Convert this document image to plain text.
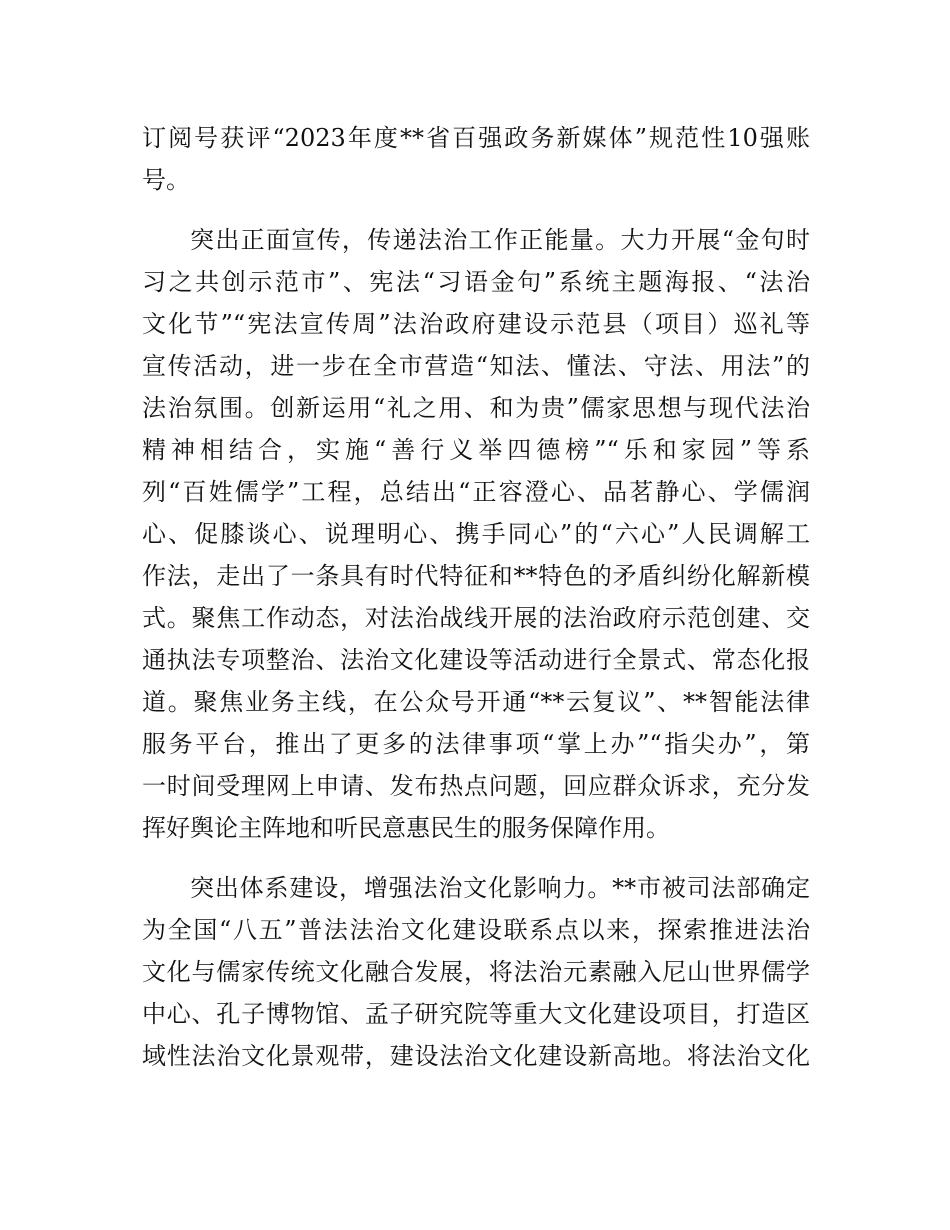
订阅号获评“2023年度**省百强政务新媒体”规范性10强账
号。
突出正面宣传，传递法治工作正能量。大力开展“金句时
习之共创示范市”、宪法“习语金句”系统主题海报、“法治
文化节”“宪法宣传周”法治政府建设示范县（项目）巡礼等
宣传活动，进一步在全市营造“知法、懂法、守法、用法”的
法治氛围。创新运用“礼之用、和为贵”儒家思想与现代法治
精神相结合，实施“善行义举四德榜”“乐和家园”等系
列“百姓儒学”工程，总结出“正容澄心、品茗静心、学儒润
心、促膝谈心、说理明心、携手同心”的“六心”人民调解工
作法，走出了一条具有时代特征和**特色的矛盾纠纷化解新模
式。聚焦工作动态，对法治战线开展的法治政府示范创建、交
通执法专项整治、法治文化建设等活动进行全景式、常态化报
道。聚焦业务主线，在公众号开通“**云复议”、**智能法律
服务平台，推出了更多的法律事项“掌上办”“指尖办”，第
一时间受理网上申请、发布热点问题，回应群众诉求，充分发
挥好舆论主阵地和听民意惠民生的服务保障作用。
突出体系建设，增强法治文化影响力。**市被司法部确定
为全国“八五”普法法治文化建设联系点以来，探索推进法治
文化与儒家传统文化融合发展，将法治元素融入尼山世界儒学
中心、孔子博物馆、孟子研究院等重大文化建设项目，打造区
域性法治文化景观带，建设法治文化建设新高地。将法治文化
